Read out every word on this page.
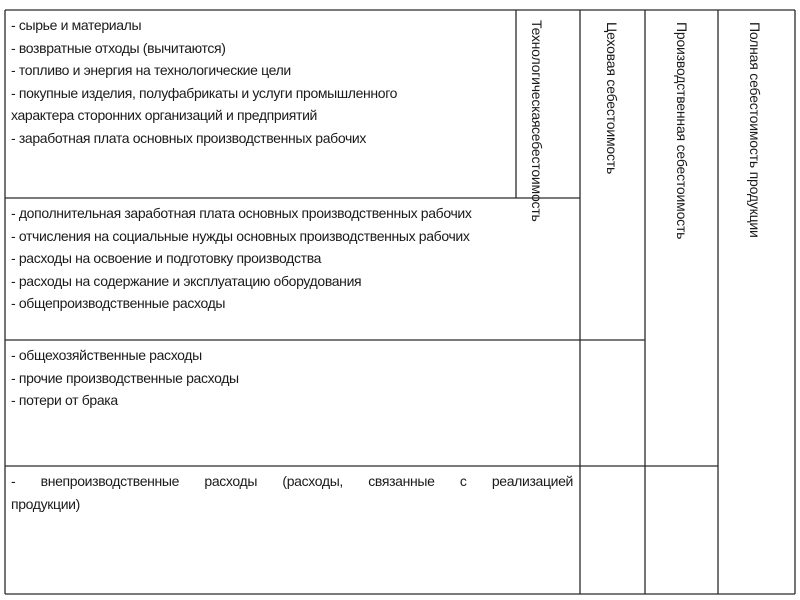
- сырье и материалы
- возвратные отходы (вычитаются)
- топливо и энергия на технологические цели
- покупные изделия, полуфабрикаты и услуги промышленного
характера сторонних организаций и предприятий
- заработная плата основных производственных рабочих
- дополнительная заработная плата основных производственных рабочих
- отчисления на социальные нужды основных производственных рабочих
- расходы на освоение и подготовку производства
- расходы на содержание и эксплуатацию оборудования
- общепроизводственные расходы
- общехозяйственные расходы
- прочие производственные расходы
- потери от брака
- внепроизводственные расходы (расходы, связанные с реализацией
продукции)
Технологическая
себестоимость
Цеховая себестоимость	Производственная себестоимость	Полная себестоимость продукции
